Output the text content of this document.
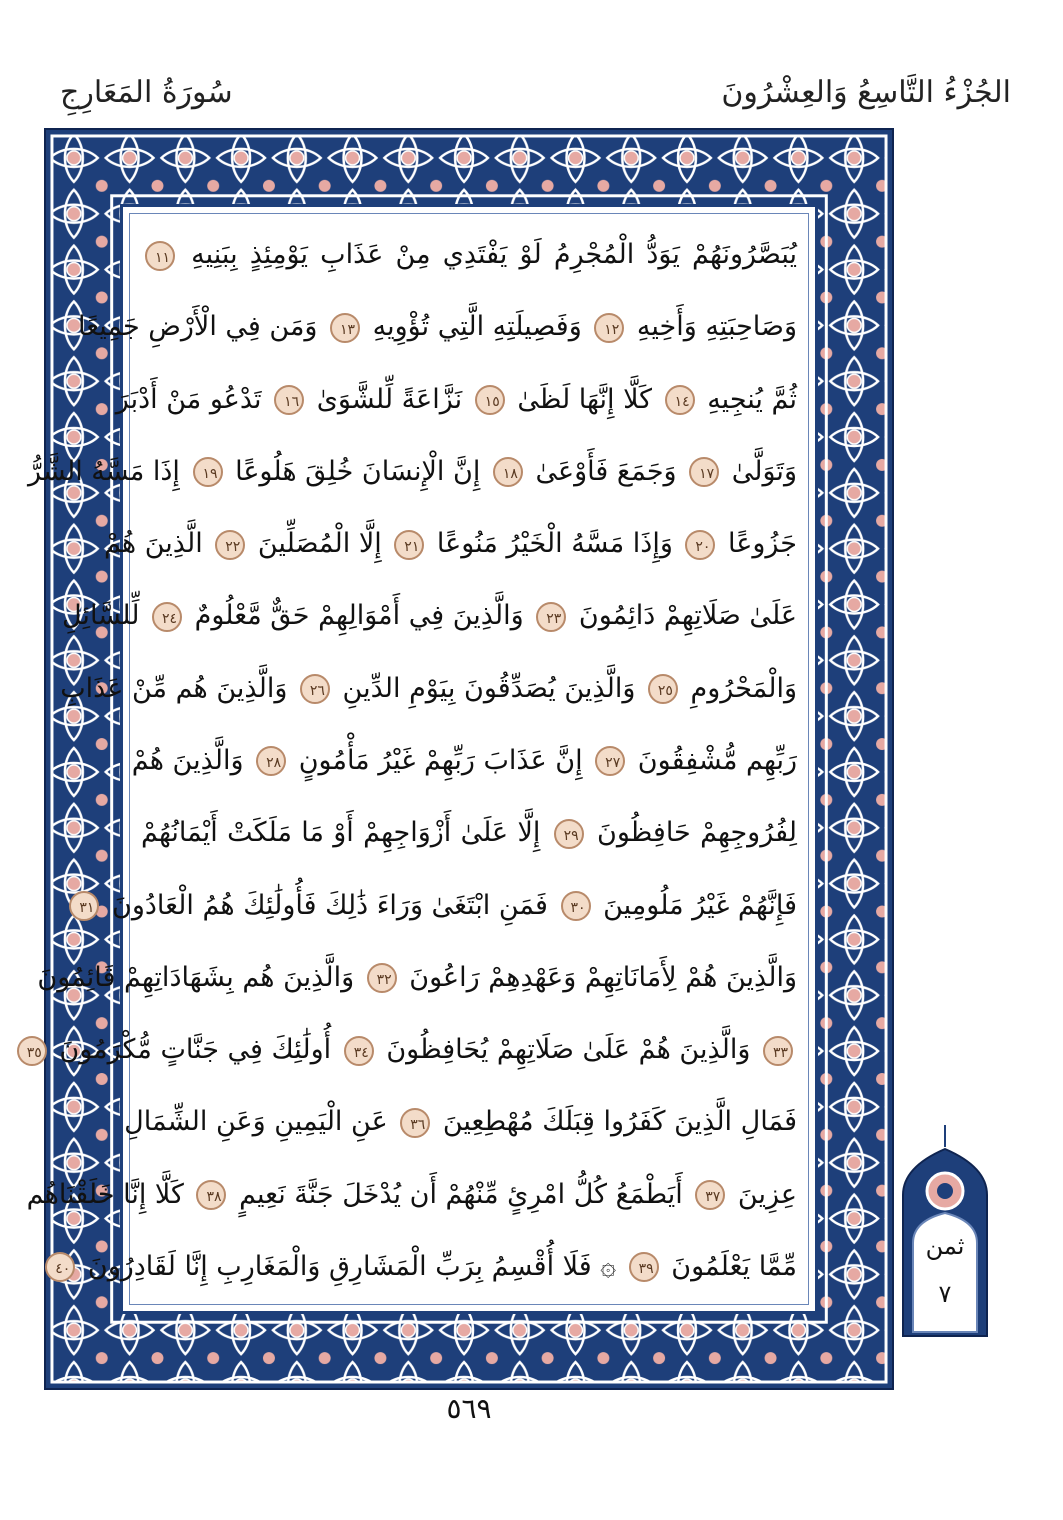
الجُزْءُ التَّاسِعُ وَالعِشْرُونَ
سُورَةُ المَعَارِجِ
يُبَصَّرُونَهُمْ يَوَدُّ الْمُجْرِمُ لَوْ يَفْتَدِي مِنْ عَذَابِ يَوْمِئِذٍ بِبَنِيهِ ١١
وَصَاحِبَتِهِ وَأَخِيهِ ١٢ وَفَصِيلَتِهِ الَّتِي تُؤْوِيهِ ١٣ وَمَن فِي الْأَرْضِ جَمِيعًا
ثُمَّ يُنجِيهِ ١٤ كَلَّا إِنَّهَا لَظَىٰ ١٥ نَزَّاعَةً لِّلشَّوَىٰ ١٦ تَدْعُو مَنْ أَدْبَرَ
وَتَوَلَّىٰ ١٧ وَجَمَعَ فَأَوْعَىٰ ١٨ إِنَّ الْإِنسَانَ خُلِقَ هَلُوعًا ١٩ إِذَا مَسَّهُ الشَّرُّ
جَزُوعًا ٢٠ وَإِذَا مَسَّهُ الْخَيْرُ مَنُوعًا ٢١ إِلَّا الْمُصَلِّينَ ٢٢ الَّذِينَ هُمْ
عَلَىٰ صَلَاتِهِمْ دَائِمُونَ ٢٣ وَالَّذِينَ فِي أَمْوَالِهِمْ حَقٌّ مَّعْلُومٌ ٢٤ لِّلسَّائِلِ
وَالْمَحْرُومِ ٢٥ وَالَّذِينَ يُصَدِّقُونَ بِيَوْمِ الدِّينِ ٢٦ وَالَّذِينَ هُم مِّنْ عَذَابِ
رَبِّهِم مُّشْفِقُونَ ٢٧ إِنَّ عَذَابَ رَبِّهِمْ غَيْرُ مَأْمُونٍ ٢٨ وَالَّذِينَ هُمْ
لِفُرُوجِهِمْ حَافِظُونَ ٢٩ إِلَّا عَلَىٰ أَزْوَاجِهِمْ أَوْ مَا مَلَكَتْ أَيْمَانُهُمْ
فَإِنَّهُمْ غَيْرُ مَلُومِينَ ٣٠ فَمَنِ ابْتَغَىٰ وَرَاءَ ذَٰلِكَ فَأُولَٰئِكَ هُمُ الْعَادُونَ ٣١
وَالَّذِينَ هُمْ لِأَمَانَاتِهِمْ وَعَهْدِهِمْ رَاعُونَ ٣٢ وَالَّذِينَ هُم بِشَهَادَاتِهِمْ قَائِمُونَ
٣٣ وَالَّذِينَ هُمْ عَلَىٰ صَلَاتِهِمْ يُحَافِظُونَ ٣٤ أُولَٰئِكَ فِي جَنَّاتٍ مُّكْرَمُونَ ٣٥
فَمَالِ الَّذِينَ كَفَرُوا قِبَلَكَ مُهْطِعِينَ ٣٦ عَنِ الْيَمِينِ وَعَنِ الشِّمَالِ
عِزِينَ ٣٧ أَيَطْمَعُ كُلُّ امْرِئٍ مِّنْهُمْ أَن يُدْخَلَ جَنَّةَ نَعِيمٍ ٣٨ كَلَّا إِنَّا خَلَقْنَاهُم
مِّمَّا يَعْلَمُونَ ٣٩ ۞ فَلَا أُقْسِمُ بِرَبِّ الْمَشَارِقِ وَالْمَغَارِبِ إِنَّا لَقَادِرُونَ ٤٠
٥٦٩
ثمن
٧
